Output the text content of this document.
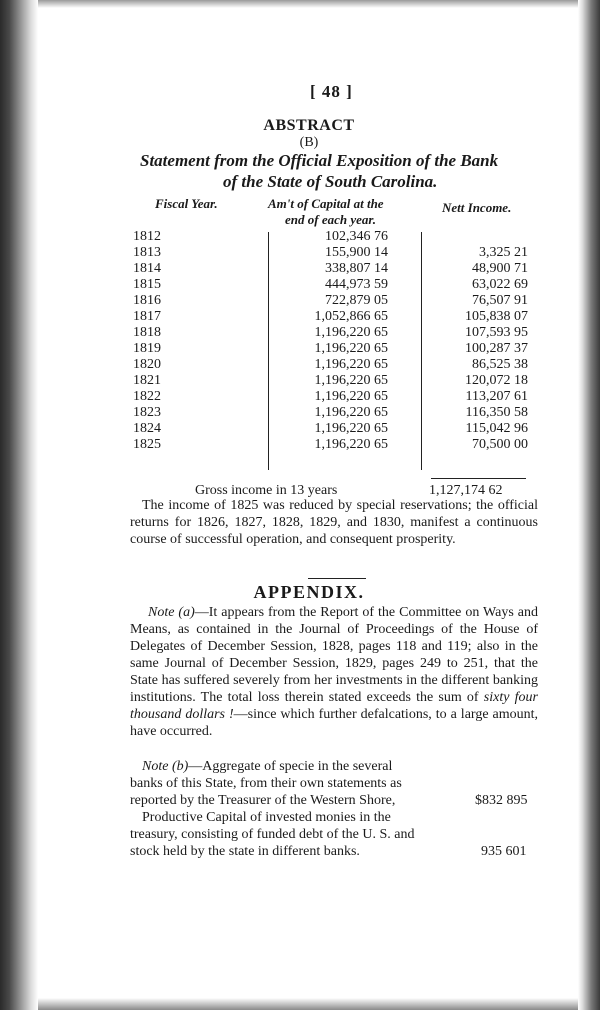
[ 48 ]
ABSTRACT
(B)
Statement from the Official Exposition of the Bank
of the State of South Carolina.
Fiscal Year.	Am't of Capital at the
end of each year.
Nett Income.
1812	102,346 76
1813	155,900 14	3,325 21
1814	338,807 14	48,900 71
1815	444,973 59	63,022 69
1816	722,879 05	76,507 91
1817	1,052,866 65	105,838 07
1818	1,196,220 65	107,593 95
1819	1,196,220 65	100,287 37
1820	1,196,220 65	86,525 38
1821	1,196,220 65	120,072 18
1822	1,196,220 65	113,207 61
1823	1,196,220 65	116,350 58
1824	1,196,220 65	115,042 96
1825	1,196,220 65	70,500 00
Gross income in 13 years	1,127,174 62
The income of 1825 was reduced by special reservations; the official returns for 1826, 1827, 1828, 1829, and 1830, manifest a continuous course of successful operation, and consequent prosperity.
APPENDIX.
Note (a)—It appears from the Report of the Committee on Ways and Means, as contained in the Journal of Proceedings of the House of Delegates of December Session, 1828, pages 118 and 119; also in the same Journal of December Session, 1829, pages 249 to 251, that the State has suffered severely from her investments in the different banking institutions. The total loss therein stated exceeds the sum of sixty four thousand dollars !—since which further defalcations, to a large amount, have occurred.
Note (b)—Aggregate of specie in the several
banks of this State, from their own statements as
reported by the Treasurer of the Western Shore,	$832 895
Productive Capital of invested monies in the
treasury, consisting of funded debt of the U. S. and
stock held by the state in different banks.	935 601
